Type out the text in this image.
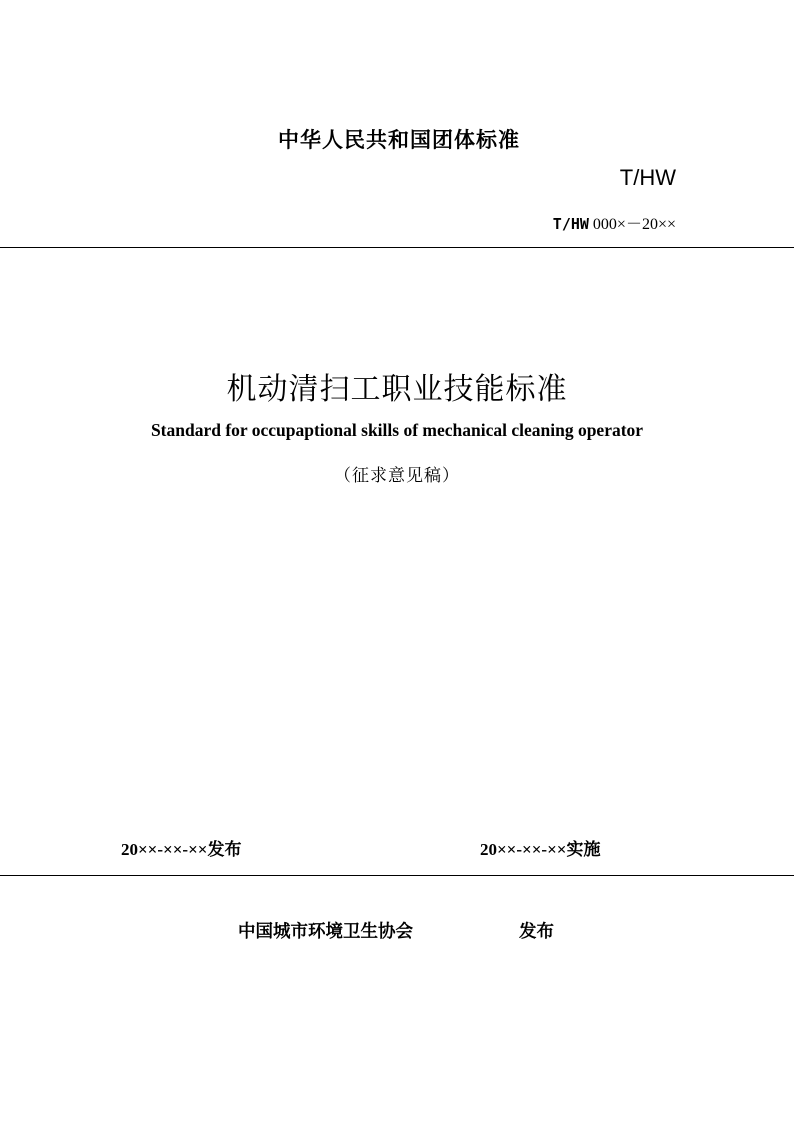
中华人民共和国团体标准
T/HW
T/HW 000×－20××
机动清扫工职业技能标准
Standard for occupaptional skills of mechanical cleaning operator
（征求意见稿）
20××-××-××发布	20××-××-××实施
中国城市环境卫生协会	发布
